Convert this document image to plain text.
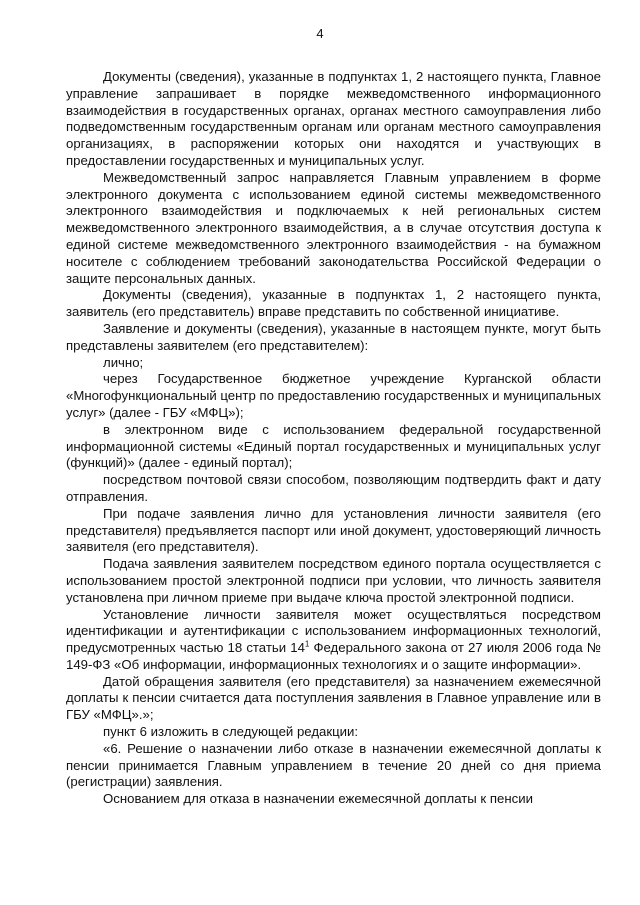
4

Документы (сведения), указанные в подпунктах 1, 2 настоящего пункта, Главное управление запрашивает в порядке межведомственного информационного взаимодействия в государственных органах, органах местного самоуправления либо подведомственным государственным органам или органам местного самоуправления организациях, в распоряжении которых они находятся и участвующих в предоставлении государственных и муниципальных услуг.

Межведомственный запрос направляется Главным управлением в форме электронного документа с использованием единой системы межведомственного электронного взаимодействия и подключаемых к ней региональных систем межведомственного электронного взаимодействия, а в случае отсутствия доступа к единой системе межведомственного электронного взаимодействия - на бумажном носителе с соблюдением требований законодательства Российской Федерации о защите персональных данных.

Документы (сведения), указанные в подпунктах 1, 2 настоящего пункта, заявитель (его представитель) вправе представить по собственной инициативе.

Заявление и документы (сведения), указанные в настоящем пункте, могут быть представлены заявителем (его представителем):

лично;

через Государственное бюджетное учреждение Курганской области «Многофункциональный центр по предоставлению государственных и муниципальных услуг» (далее - ГБУ «МФЦ»);

в электронном виде с использованием федеральной государственной информационной системы «Единый портал государственных и муниципальных услуг (функций)» (далее - единый портал);

посредством почтовой связи способом, позволяющим подтвердить факт и дату отправления.

При подаче заявления лично для установления личности заявителя (его представителя) предъявляется паспорт или иной документ, удостоверяющий личность заявителя (его представителя).

Подача заявления заявителем посредством единого портала осуществляется с использованием простой электронной подписи при условии, что личность заявителя установлена при личном приеме при выдаче ключа простой электронной подписи.

Установление личности заявителя может осуществляться посредством идентификации и аутентификации с использованием информационных технологий, предусмотренных частью 18 статьи $14^1$ Федерального закона от 27 июля 2006 года № 149-ФЗ «Об информации, информационных технологиях и о защите информации».

Датой обращения заявителя (его представителя) за назначением ежемесячной доплаты к пенсии считается дата поступления заявления в Главное управление или в ГБУ «МФЦ».»;

пункт 6 изложить в следующей редакции:

«6. Решение о назначении либо отказе в назначении ежемесячной доплаты к пенсии принимается Главным управлением в течение 20 дней со дня приема (регистрации) заявления.

Основанием для отказа в назначении ежемесячной доплаты к пенсии
